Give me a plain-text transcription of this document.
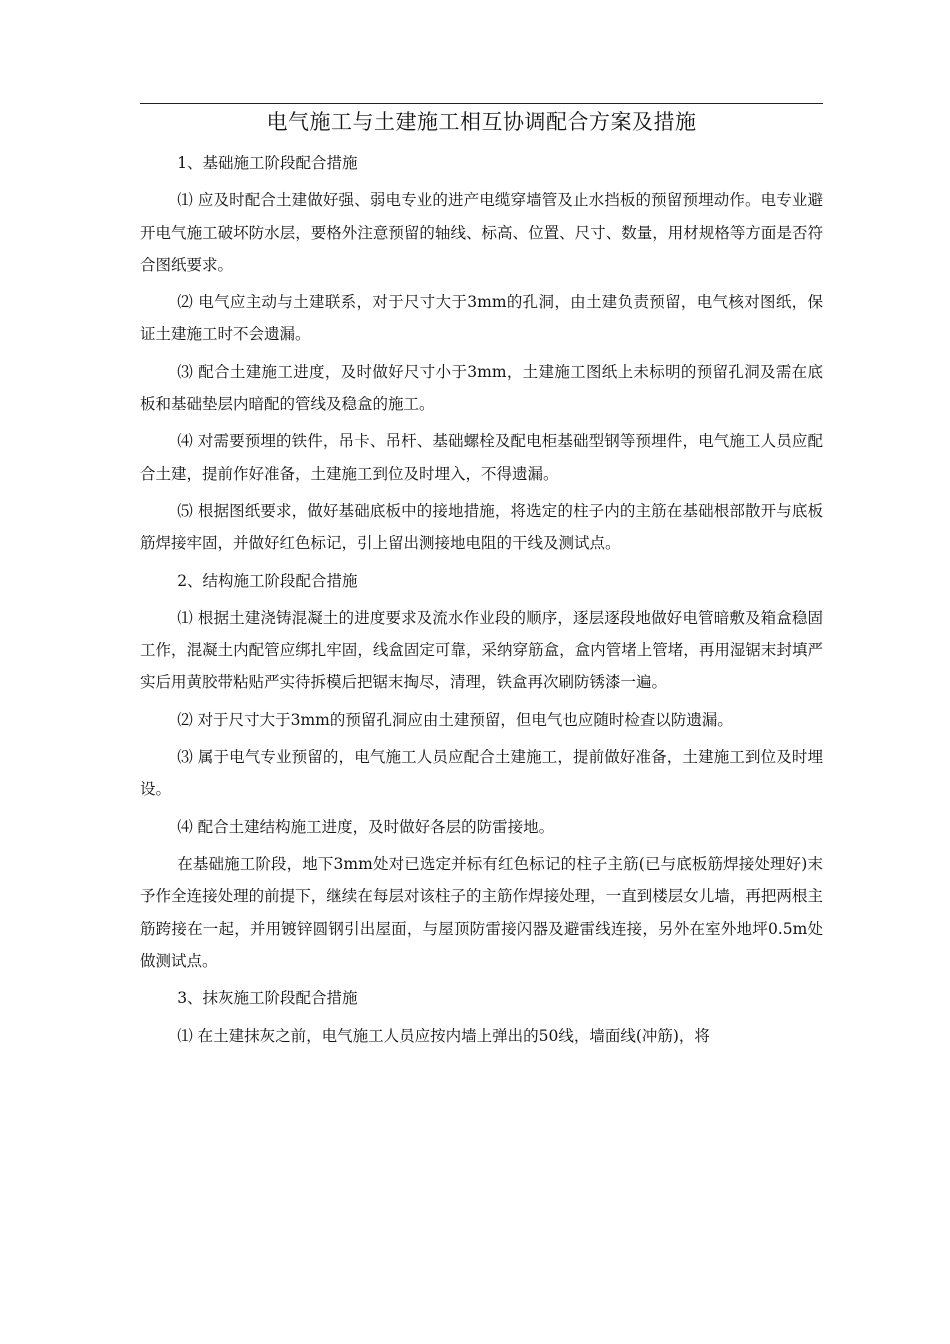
电气施工与土建施工相互协调配合方案及措施

1、基础施工阶段配合措施

⑴ 应及时配合土建做好强、弱电专业的进产电缆穿墙管及止水挡板的预留预埋动作。电专业避开电气施工破坏防水层，要格外注意预留的轴线、标高、位置、尺寸、数量，用材规格等方面是否符合图纸要求。

⑵ 电气应主动与土建联系，对于尺寸大于3mm的孔洞，由土建负责预留，电气核对图纸，保证土建施工时不会遗漏。

⑶ 配合土建施工进度，及时做好尺寸小于3mm，土建施工图纸上未标明的预留孔洞及需在底板和基础垫层内暗配的管线及稳盒的施工。

⑷ 对需要预埋的铁件，吊卡、吊杆、基础螺栓及配电柜基础型钢等预埋件，电气施工人员应配合土建，提前作好准备，土建施工到位及时埋入，不得遗漏。

⑸ 根据图纸要求，做好基础底板中的接地措施，将选定的柱子内的主筋在基础根部散开与底板筋焊接牢固，并做好红色标记，引上留出测接地电阻的干线及测试点。

2、结构施工阶段配合措施

⑴ 根据土建浇铸混凝土的进度要求及流水作业段的顺序，逐层逐段地做好电管暗敷及箱盒稳固工作，混凝土内配管应绑扎牢固，线盒固定可靠，采纳穿筋盒，盒内管堵上管堵，再用湿锯末封填严实后用黄胶带粘贴严实待拆模后把锯末掏尽，清理，铁盒再次刷防锈漆一遍。

⑵ 对于尺寸大于3mm的预留孔洞应由土建预留，但电气也应随时检查以防遗漏。

⑶ 属于电气专业预留的，电气施工人员应配合土建施工，提前做好准备，土建施工到位及时埋设。

⑷ 配合土建结构施工进度，及时做好各层的防雷接地。

在基础施工阶段，地下3mm处对已选定并标有红色标记的柱子主筋(已与底板筋焊接处理好)末予作全连接处理的前提下，继续在每层对该柱子的主筋作焊接处理，一直到楼层女儿墙，再把两根主筋跨接在一起，并用镀锌圆钢引出屋面，与屋顶防雷接闪器及避雷线连接，另外在室外地坪0.5m处做测试点。

3、抹灰施工阶段配合措施

⑴ 在土建抹灰之前，电气施工人员应按内墙上弹出的50线，墙面线(冲筋)，将
